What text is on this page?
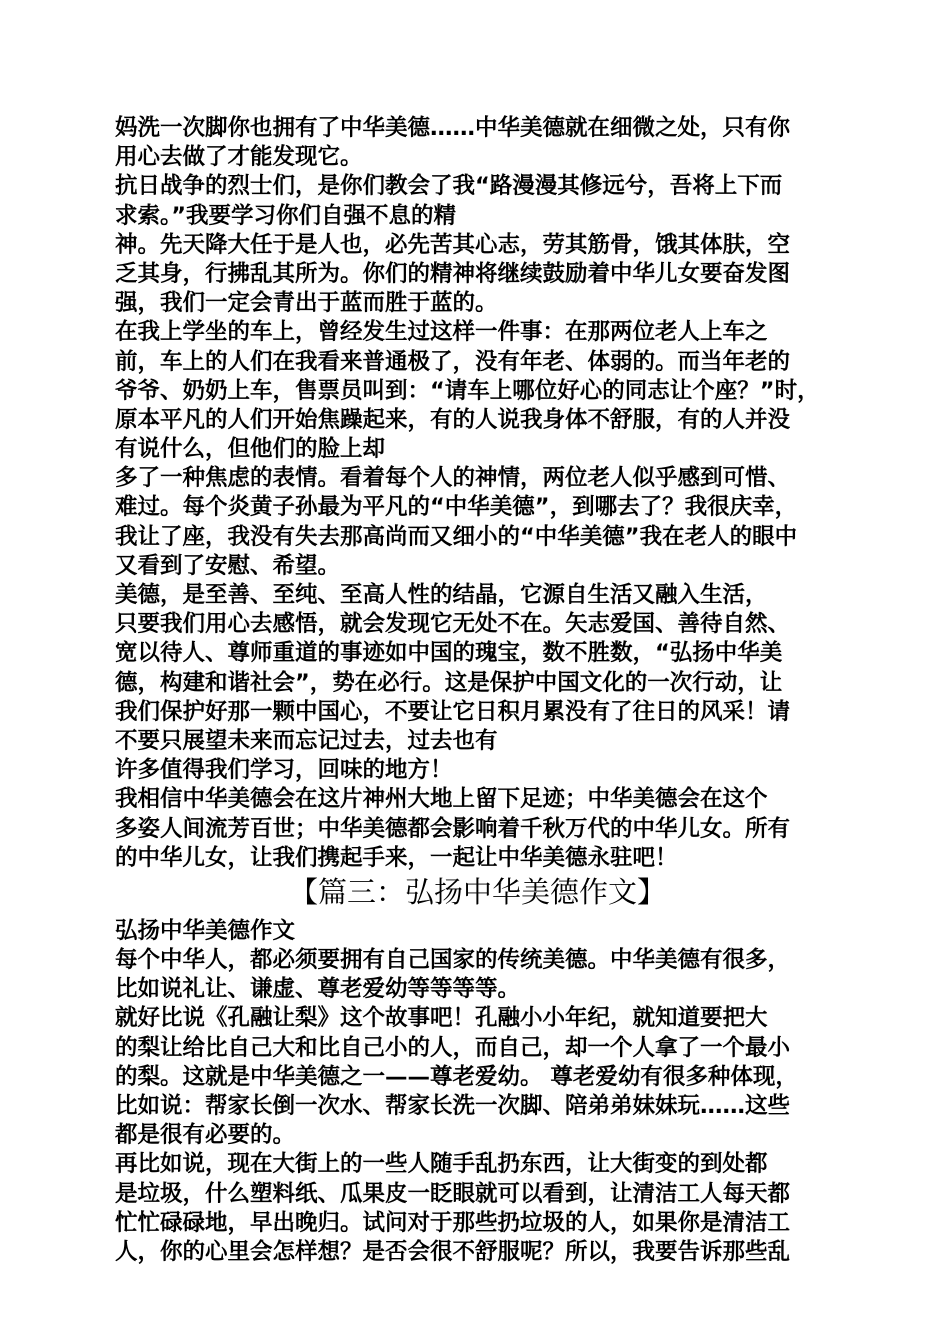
妈洗一次脚你也拥有了中华美德……中华美德就在细微之处，只有你
用心去做了才能发现它。
抗日战争的烈士们，是你们教会了我“路漫漫其修远兮，吾将上下而
求索。”我要学习你们自强不息的精
神。先天降大任于是人也，必先苦其心志，劳其筋骨，饿其体肤，空
乏其身，行拂乱其所为。你们的精神将继续鼓励着中华儿女要奋发图
强，我们一定会青出于蓝而胜于蓝的。
在我上学坐的车上，曾经发生过这样一件事：在那两位老人上车之
前，车上的人们在我看来普通极了，没有年老、体弱的。而当年老的
爷爷、奶奶上车，售票员叫到：“请车上哪位好心的同志让个座？”时，
原本平凡的人们开始焦躁起来，有的人说我身体不舒服，有的人并没
有说什么，但他们的脸上却
多了一种焦虑的表情。看着每个人的神情，两位老人似乎感到可惜、
难过。每个炎黄子孙最为平凡的“中华美德”，到哪去了？我很庆幸，
我让了座，我没有失去那高尚而又细小的“中华美德”我在老人的眼中
又看到了安慰、希望。
美德，是至善、至纯、至高人性的结晶，它源自生活又融入生活，
只要我们用心去感悟，就会发现它无处不在。矢志爱国、善待自然、
宽以待人、尊师重道的事迹如中国的瑰宝，数不胜数，“弘扬中华美
德，构建和谐社会”，势在必行。这是保护中国文化的一次行动，让
我们保护好那一颗中国心，不要让它日积月累没有了往日的风采！请
不要只展望未来而忘记过去，过去也有
许多值得我们学习，回味的地方！
我相信中华美德会在这片神州大地上留下足迹；中华美德会在这个
多姿人间流芳百世；中华美德都会影响着千秋万代的中华儿女。所有
的中华儿女，让我们携起手来，一起让中华美德永驻吧！
【篇三：弘扬中华美德作文】
弘扬中华美德作文
每个中华人，都必须要拥有自己国家的传统美德。中华美德有很多，
比如说礼让、谦虚、尊老爱幼等等等等。
就好比说《孔融让梨》这个故事吧！孔融小小年纪，就知道要把大
的梨让给比自己大和比自己小的人，而自己，却一个人拿了一个最小
的梨。这就是中华美德之一——尊老爱幼。 尊老爱幼有很多种体现，
比如说：帮家长倒一次水、帮家长洗一次脚、陪弟弟妹妹玩……这些
都是很有必要的。
再比如说，现在大街上的一些人随手乱扔东西，让大街变的到处都
是垃圾，什么塑料纸、瓜果皮一眨眼就可以看到，让清洁工人每天都
忙忙碌碌地，早出晚归。试问对于那些扔垃圾的人，如果你是清洁工
人，你的心里会怎样想？是否会很不舒服呢？所以，我要告诉那些乱
